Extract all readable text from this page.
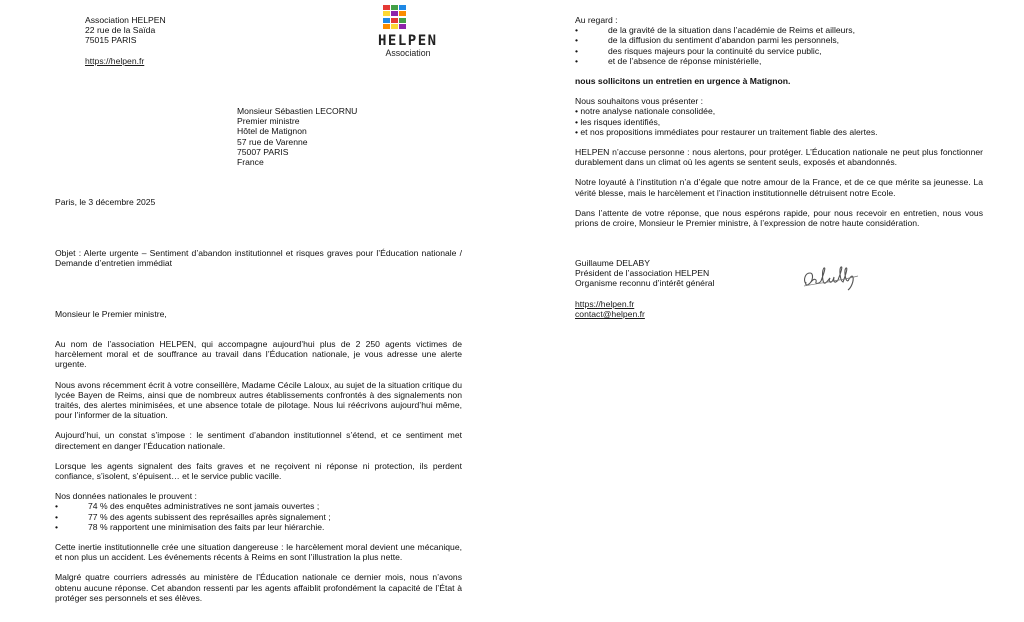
Association HELPEN
22 rue de la Saïda
75015 PARIS
https://helpen.fr
HELPEN
Association
Monsieur Sébastien LECORNU
Premier ministre
Hôtel de Matignon
57 rue de Varenne
75007 PARIS
France
Paris, le 3 décembre 2025
Objet : Alerte urgente – Sentiment d’abandon institutionnel et risques graves pour l’Éducation nationale / Demande d’entretien immédiat
Monsieur le Premier ministre,

Au nom de l’association HELPEN, qui accompagne aujourd’hui plus de 2 250 agents victimes de harcèlement moral et de souffrance au travail dans l’Éducation nationale, je vous adresse une alerte urgente.

Nous avons récemment écrit à votre conseillère, Madame Cécile Laloux, au sujet de la situation critique du lycée Bayen de Reims, ainsi que de nombreux autres établissements confrontés à des signalements non traités, des alertes minimisées, et une absence totale de pilotage. Nous lui réécrivons aujourd’hui même, pour l’informer de la situation.

Aujourd’hui, un constat s’impose : le sentiment d’abandon institutionnel s’étend, et ce sentiment met directement en danger l’Éducation nationale.

Lorsque les agents signalent des faits graves et ne reçoivent ni réponse ni protection, ils perdent confiance, s’isolent, s’épuisent… et le service public vacille.

Nos données nationales le prouvent :

•	74 % des enquêtes administratives ne sont jamais ouvertes ;
•	77 % des agents subissent des représailles après signalement ;
•	78 % rapportent une minimisation des faits par leur hiérarchie.

Cette inertie institutionnelle crée une situation dangereuse : le harcèlement moral devient une mécanique, et non plus un accident. Les événements récents à Reims en sont l’illustration la plus nette.

Malgré quatre courriers adressés au ministère de l’Éducation nationale ce dernier mois, nous n’avons obtenu aucune réponse. Cet abandon ressenti par les agents affaiblit profondément la capacité de l’État à protéger ses personnels et ses élèves.

Au regard :

•	de la gravité de la situation dans l’académie de Reims et ailleurs,
•	de la diffusion du sentiment d’abandon parmi les personnels,
•	des risques majeurs pour la continuité du service public,
•	et de l’absence de réponse ministérielle,

nous sollicitons un entretien en urgence à Matignon.

Nous souhaitons vous présenter :

• notre analyse nationale consolidée,

• les risques identifiés,

• et nos propositions immédiates pour restaurer un traitement fiable des alertes.

HELPEN n’accuse personne : nous alertons, pour protéger. L’Éducation nationale ne peut plus fonctionner durablement dans un climat où les agents se sentent seuls, exposés et abandonnés.

Notre loyauté à l’institution n’a d’égale que notre amour de la France, et de ce que mérite sa jeunesse. La vérité blesse, mais le harcèlement et l’inaction institutionnelle détruisent notre Ecole.

Dans l’attente de votre réponse, que nous espérons rapide, pour nous recevoir en entretien, nous vous prions de croire, Monsieur le Premier ministre, à l’expression de notre haute considération.

Guillaume DELABY
Président de l’association HELPEN
Organisme reconnu d’intérêt général
https://helpen.fr
contact@helpen.fr
